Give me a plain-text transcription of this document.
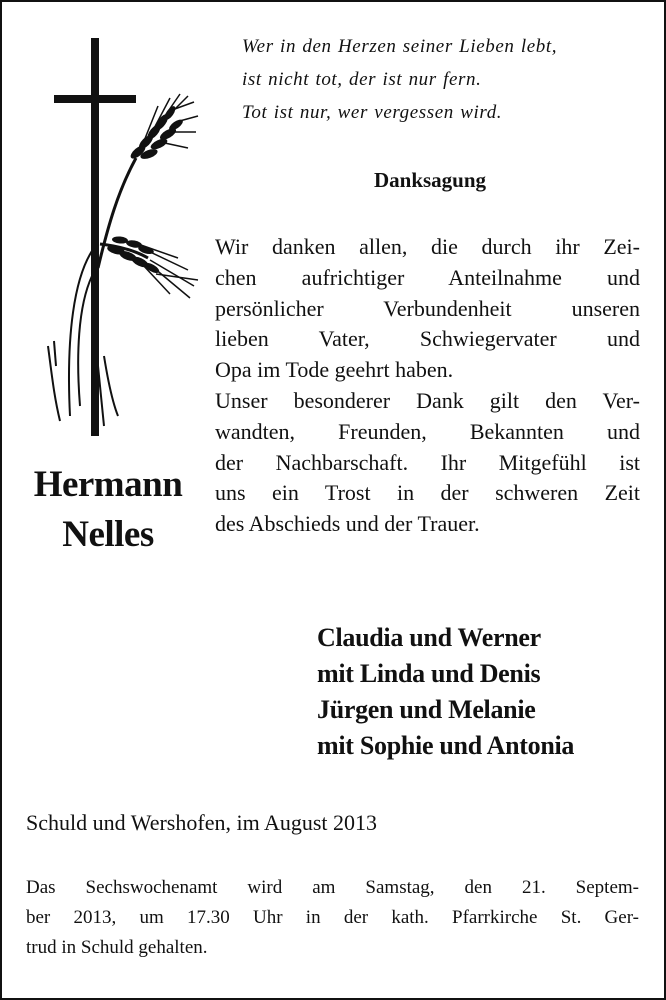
Wer in den Herzen seiner Lieben lebt,
ist nicht tot, der ist nur fern.
Tot ist nur, wer vergessen wird.
Danksagung
Hermann
Nelles
Wir danken allen, die durch ihr Zei-
chen aufrichtiger Anteilnahme und
persönlicher Verbundenheit unseren
lieben Vater, Schwiegervater und
Opa im Tode geehrt haben.
Unser besonderer Dank gilt den Ver-
wandten, Freunden, Bekannten und
der Nachbarschaft. Ihr Mitgefühl ist
uns ein Trost in der schweren Zeit
des Abschieds und der Trauer.
Claudia und Werner
mit Linda und Denis
Jürgen und Melanie
mit Sophie und Antonia
Schuld und Wershofen, im August 2013
Das Sechswochenamt wird am Samstag, den 21. Septem-
ber 2013, um 17.30 Uhr in der kath. Pfarrkirche St. Ger-
trud in Schuld gehalten.
